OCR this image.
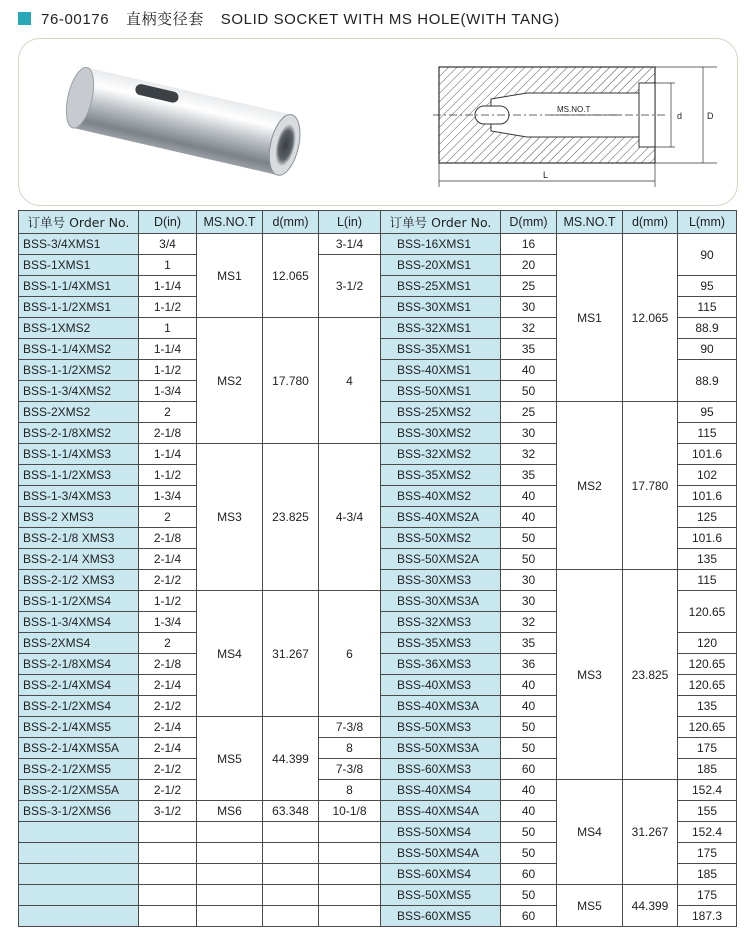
76-00176 直柄变径套 SOLID SOCKET WITH MS HOLE(WITH TANG)
MS.NO.T
d	D
L
订单号 Order No.	D(in)	MS.NO.T	d(mm)	L(in)	订单号 Order No.	D(mm)	MS.NO.T	d(mm)	L(mm)
BSS-3/4XMS1	3/4	MS1	12.065	3-1/4	BSS-16XMS1	16	MS1	12.065	90
BSS-1XMS1	1			3-1/2	BSS-20XMS1	20			
BSS-1-1/4XMS1	1-1/4				BSS-25XMS1	25			95
BSS-1-1/2XMS1	1-1/2				BSS-30XMS1	30			115
BSS-1XMS2	1	MS2	17.780	4	BSS-32XMS1	32			88.9
BSS-1-1/4XMS2	1-1/4				BSS-35XMS1	35			90
BSS-1-1/2XMS2	1-1/2				BSS-40XMS1	40			88.9
BSS-1-3/4XMS2	1-3/4				BSS-50XMS1	50			
BSS-2XMS2	2				BSS-25XMS2	25	MS2	17.780	95
BSS-2-1/8XMS2	2-1/8				BSS-30XMS2	30			115
BSS-1-1/4XMS3	1-1/4	MS3	23.825	4-3/4	BSS-32XMS2	32			101.6
BSS-1-1/2XMS3	1-1/2				BSS-35XMS2	35			102
BSS-1-3/4XMS3	1-3/4				BSS-40XMS2	40			101.6
BSS-2 XMS3	2				BSS-40XMS2A	40			125
BSS-2-1/8 XMS3	2-1/8				BSS-50XMS2	50			101.6
BSS-2-1/4 XMS3	2-1/4				BSS-50XMS2A	50			135
BSS-2-1/2 XMS3	2-1/2				BSS-30XMS3	30	MS3	23.825	115
BSS-1-1/2XMS4	1-1/2	MS4	31.267	6	BSS-30XMS3A	30			120.65
BSS-1-3/4XMS4	1-3/4				BSS-32XMS3	32			
BSS-2XMS4	2				BSS-35XMS3	35			120
BSS-2-1/8XMS4	2-1/8				BSS-36XMS3	36			120.65
BSS-2-1/4XMS4	2-1/4				BSS-40XMS3	40			120.65
BSS-2-1/2XMS4	2-1/2				BSS-40XMS3A	40			135
BSS-2-1/4XMS5	2-1/4	MS5	44.399	7-3/8	BSS-50XMS3	50			120.65
BSS-2-1/4XMS5A	2-1/4			8	BSS-50XMS3A	50			175
BSS-2-1/2XMS5	2-1/2			7-3/8	BSS-60XMS3	60			185
BSS-2-1/2XMS5A	2-1/2			8	BSS-40XMS4	40	MS4	31.267	152.4
BSS-3-1/2XMS6	3-1/2	MS6	63.348	10-1/8	BSS-40XMS4A	40			155
					BSS-50XMS4	50			152.4
					BSS-50XMS4A	50			175
					BSS-60XMS4	60			185
					BSS-50XMS5	50	MS5	44.399	175
					BSS-60XMS5	60			187.3
